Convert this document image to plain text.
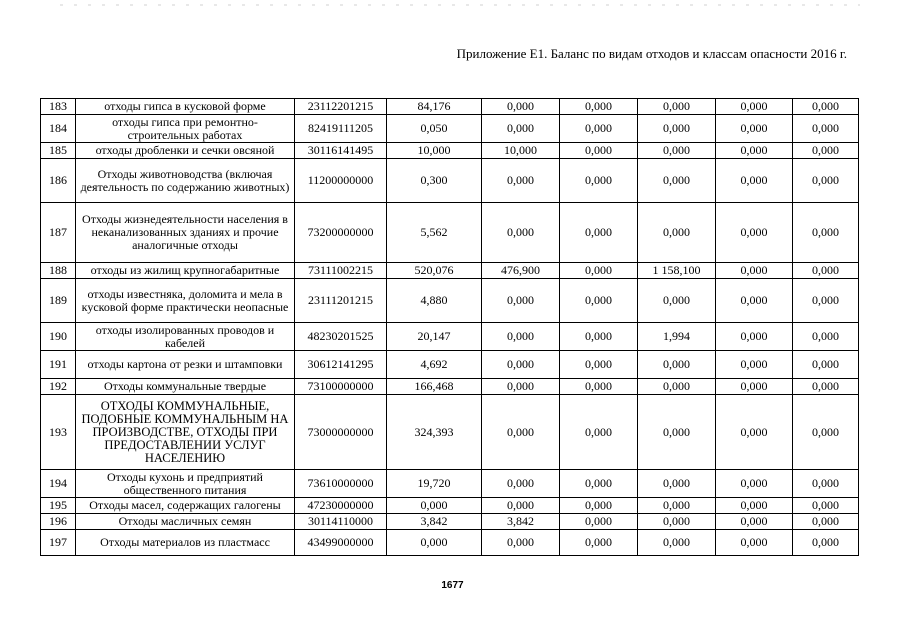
Приложение Е1. Баланс по видам отходов и классам опасности 2016 г.
183	отходы гипса в кусковой форме	23112201215	84,176	0,000	0,000	0,000	0,000	0,000
184	отходы гипса при ремонтно-строительных работах	82419111205	0,050	0,000	0,000	0,000	0,000	0,000
185	отходы дробленки и сечки овсяной	30116141495	10,000	10,000	0,000	0,000	0,000	0,000
186	Отходы животноводства (включая деятельность по содержанию животных)	11200000000	0,300	0,000	0,000	0,000	0,000	0,000
187	Отходы жизнедеятельности населения в неканализованных зданиях и прочие аналогичные отходы	73200000000	5,562	0,000	0,000	0,000	0,000	0,000
188	отходы из жилищ крупногабаритные	73111002215	520,076	476,900	0,000	1 158,100	0,000	0,000
189	отходы известняка, доломита и мела в кусковой форме практически неопасные	23111201215	4,880	0,000	0,000	0,000	0,000	0,000
190	отходы изолированных проводов и кабелей	48230201525	20,147	0,000	0,000	1,994	0,000	0,000
191	отходы картона от резки и штамповки	30612141295	4,692	0,000	0,000	0,000	0,000	0,000
192	Отходы коммунальные твердые	73100000000	166,468	0,000	0,000	0,000	0,000	0,000
193	ОТХОДЫ КОММУНАЛЬНЫЕ, ПОДОБНЫЕ КОММУНАЛЬНЫМ НА ПРОИЗВОДСТВЕ, ОТХОДЫ ПРИ ПРЕДОСТАВЛЕНИИ УСЛУГ НАСЕЛЕНИЮ	73000000000	324,393	0,000	0,000	0,000	0,000	0,000
194	Отходы кухонь и предприятий общественного питания	73610000000	19,720	0,000	0,000	0,000	0,000	0,000
195	Отходы масел, содержащих галогены	47230000000	0,000	0,000	0,000	0,000	0,000	0,000
196	Отходы масличных семян	30114110000	3,842	3,842	0,000	0,000	0,000	0,000
197	Отходы материалов из пластмасс	43499000000	0,000	0,000	0,000	0,000	0,000	0,000
1677
